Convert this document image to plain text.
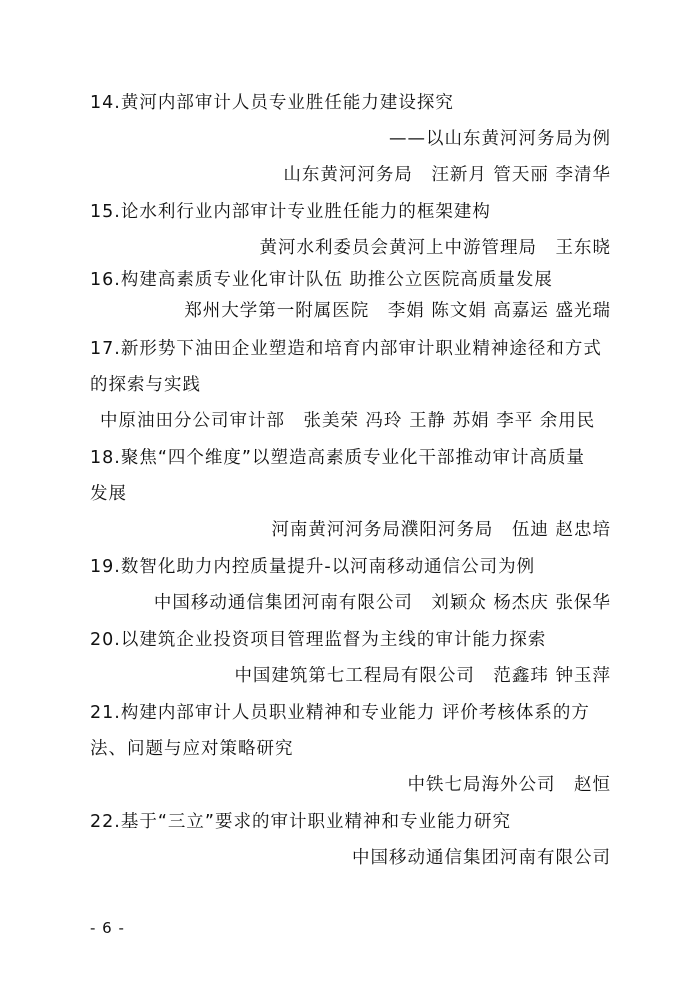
14.黄河内部审计人员专业胜任能力建设探究
——以山东黄河河务局为例
山东黄河河务局　汪新月 管天丽 李清华
15.论水利行业内部审计专业胜任能力的框架建构
黄河水利委员会黄河上中游管理局　王东晓
16.构建高素质专业化审计队伍 助推公立医院高质量发展
郑州大学第一附属医院　李娟 陈文娟 高嘉运 盛光瑞
17.新形势下油田企业塑造和培育内部审计职业精神途径和方式
的探索与实践
中原油田分公司审计部　张美荣 冯玲 王静 苏娟 李平 余用民
18.聚焦“四个维度”以塑造高素质专业化干部推动审计高质量
发展
河南黄河河务局濮阳河务局　伍迪 赵忠培
19.数智化助力内控质量提升-以河南移动通信公司为例
中国移动通信集团河南有限公司　刘颖众 杨杰庆 张保华
20.以建筑企业投资项目管理监督为主线的审计能力探索
中国建筑第七工程局有限公司　范鑫玮 钟玉萍
21.构建内部审计人员职业精神和专业能力 评价考核体系的方
法、问题与应对策略研究
中铁七局海外公司　赵恒
22.基于“三立”要求的审计职业精神和专业能力研究
中国移动通信集团河南有限公司
- 6 -
